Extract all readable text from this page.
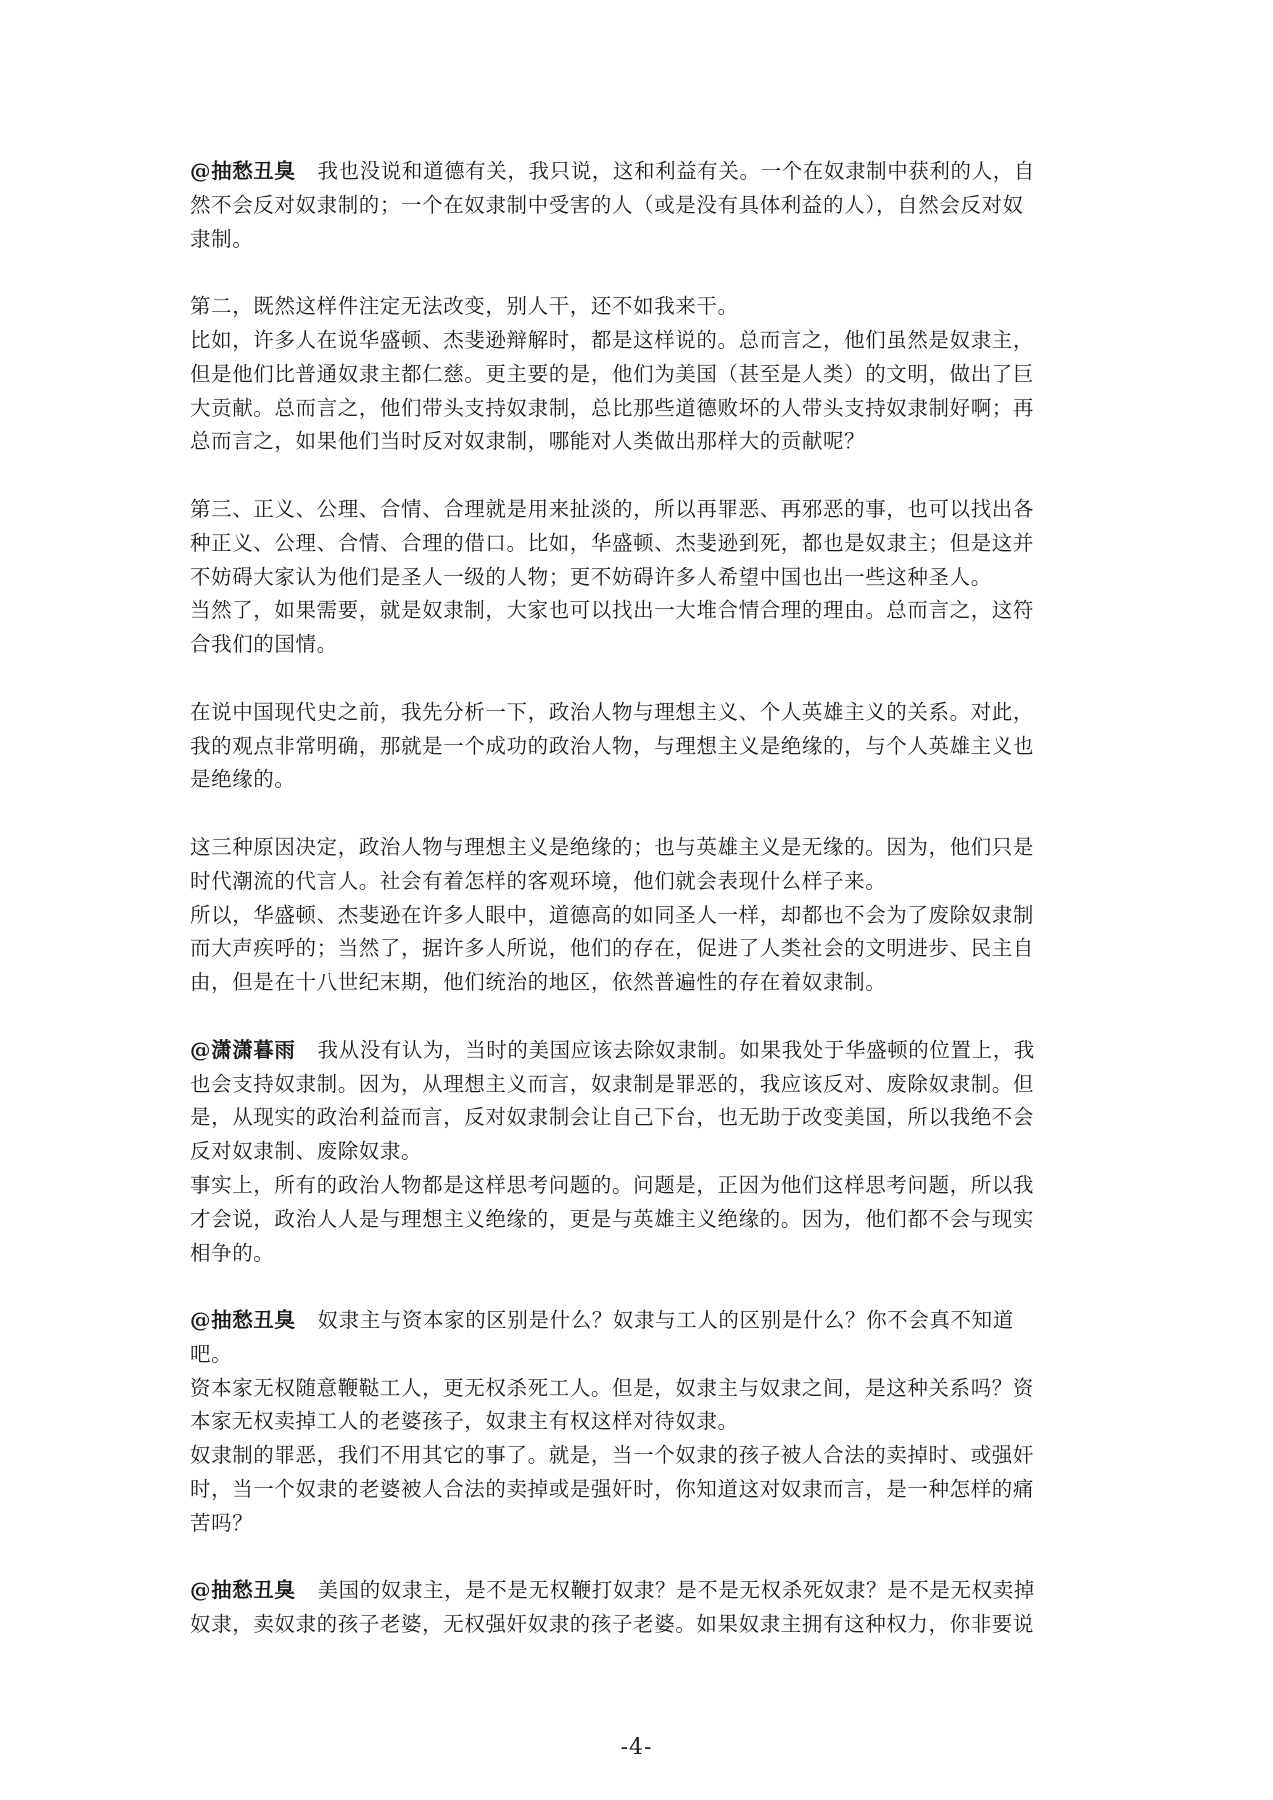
@抽愁丑臭 我也没说和道德有关，我只说，这和利益有关。一个在奴隶制中获利的人，自
然不会反对奴隶制的；一个在奴隶制中受害的人（或是没有具体利益的人），自然会反对奴
隶制。
第二，既然这样件注定无法改变，别人干，还不如我来干。
比如，许多人在说华盛顿、杰斐逊辩解时，都是这样说的。总而言之，他们虽然是奴隶主，
但是他们比普通奴隶主都仁慈。更主要的是，他们为美国（甚至是人类）的文明，做出了巨
大贡献。总而言之，他们带头支持奴隶制，总比那些道德败坏的人带头支持奴隶制好啊；再
总而言之，如果他们当时反对奴隶制，哪能对人类做出那样大的贡献呢？
第三、正义、公理、合情、合理就是用来扯淡的，所以再罪恶、再邪恶的事，也可以找出各
种正义、公理、合情、合理的借口。比如，华盛顿、杰斐逊到死，都也是奴隶主；但是这并
不妨碍大家认为他们是圣人一级的人物；更不妨碍许多人希望中国也出一些这种圣人。
当然了，如果需要，就是奴隶制，大家也可以找出一大堆合情合理的理由。总而言之，这符
合我们的国情。
在说中国现代史之前，我先分析一下，政治人物与理想主义、个人英雄主义的关系。对此，
我的观点非常明确，那就是一个成功的政治人物，与理想主义是绝缘的，与个人英雄主义也
是绝缘的。
这三种原因决定，政治人物与理想主义是绝缘的；也与英雄主义是无缘的。因为，他们只是
时代潮流的代言人。社会有着怎样的客观环境，他们就会表现什么样子来。
所以，华盛顿、杰斐逊在许多人眼中，道德高的如同圣人一样，却都也不会为了废除奴隶制
而大声疾呼的；当然了，据许多人所说，他们的存在，促进了人类社会的文明进步、民主自
由，但是在十八世纪末期，他们统治的地区，依然普遍性的存在着奴隶制。
@潇潇暮雨 我从没有认为，当时的美国应该去除奴隶制。如果我处于华盛顿的位置上，我
也会支持奴隶制。因为，从理想主义而言，奴隶制是罪恶的，我应该反对、废除奴隶制。但
是，从现实的政治利益而言，反对奴隶制会让自己下台，也无助于改变美国，所以我绝不会
反对奴隶制、废除奴隶。
事实上，所有的政治人物都是这样思考问题的。问题是，正因为他们这样思考问题，所以我
才会说，政治人人是与理想主义绝缘的，更是与英雄主义绝缘的。因为，他们都不会与现实
相争的。
@抽愁丑臭 奴隶主与资本家的区别是什么？奴隶与工人的区别是什么？你不会真不知道
吧。
资本家无权随意鞭鞑工人，更无权杀死工人。但是，奴隶主与奴隶之间，是这种关系吗？资
本家无权卖掉工人的老婆孩子，奴隶主有权这样对待奴隶。
奴隶制的罪恶，我们不用其它的事了。就是，当一个奴隶的孩子被人合法的卖掉时、或强奸
时，当一个奴隶的老婆被人合法的卖掉或是强奸时，你知道这对奴隶而言，是一种怎样的痛
苦吗？
@抽愁丑臭 美国的奴隶主，是不是无权鞭打奴隶？是不是无权杀死奴隶？是不是无权卖掉
奴隶，卖奴隶的孩子老婆，无权强奸奴隶的孩子老婆。如果奴隶主拥有这种权力，你非要说
-4-
